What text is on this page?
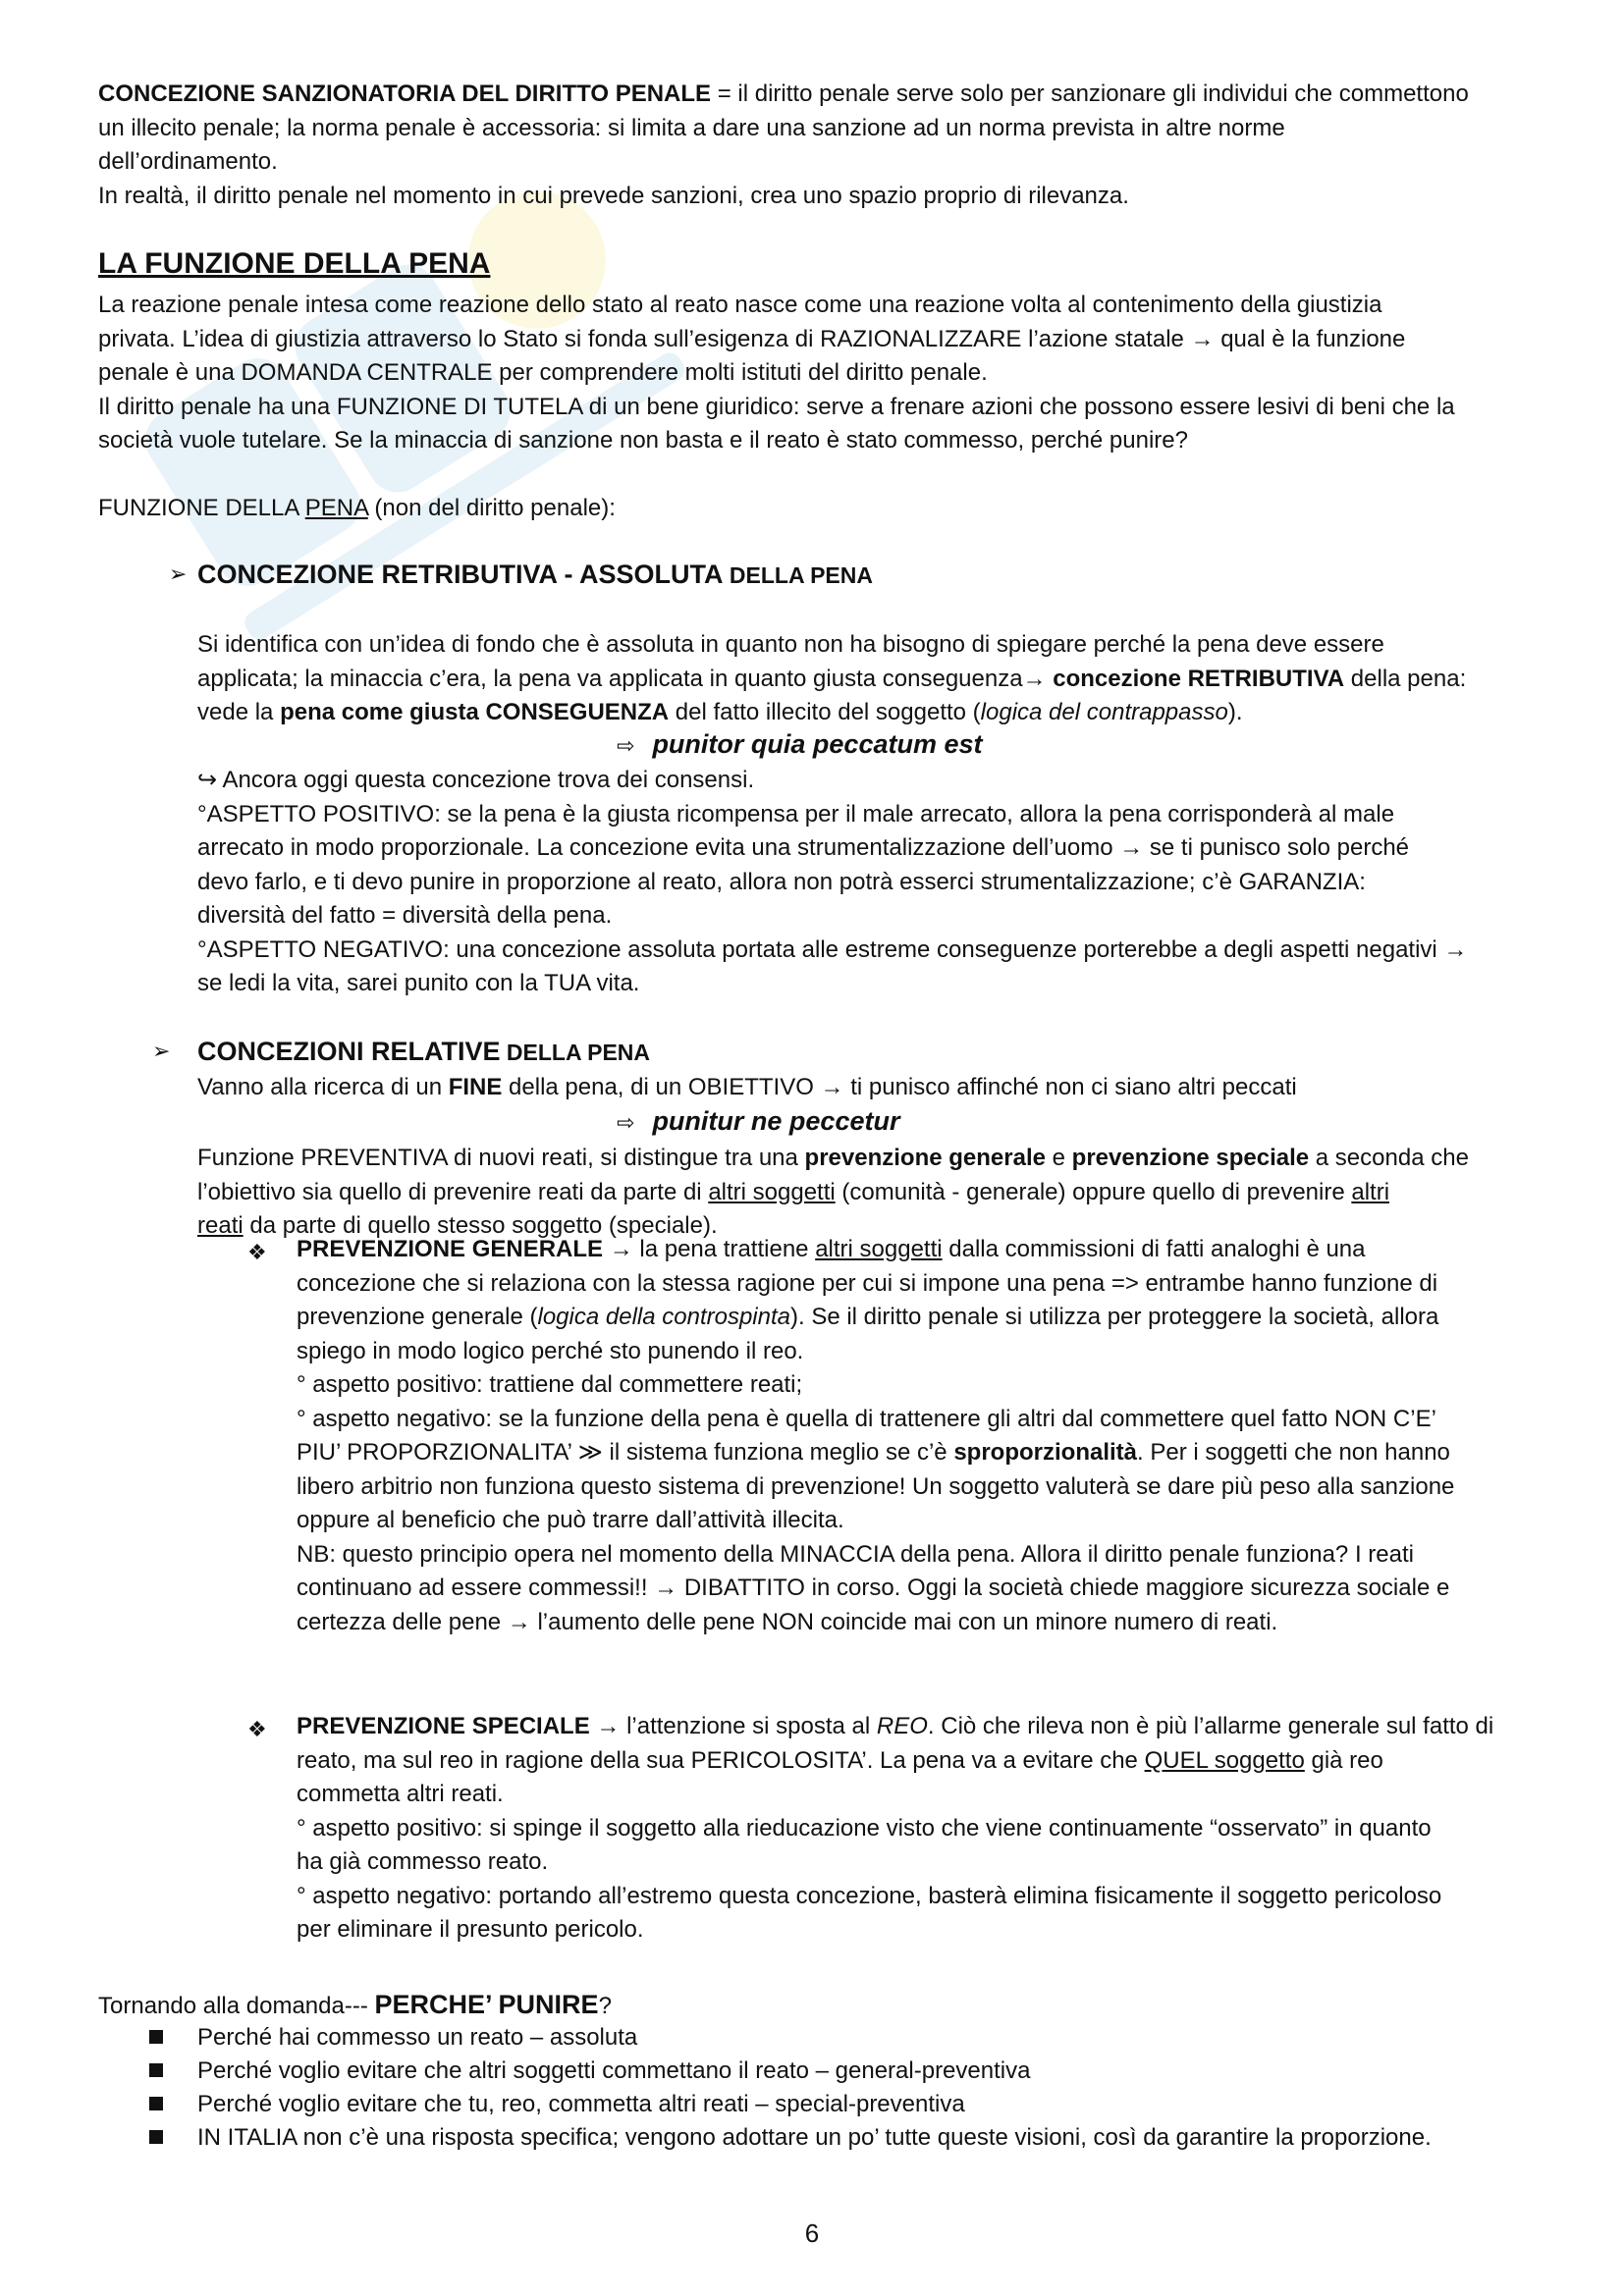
CONCEZIONE SANZIONATORIA DEL DIRITTO PENALE = il diritto penale serve solo per sanzionare gli individui che commettono
un illecito penale; la norma penale è accessoria: si limita a dare una sanzione ad un norma prevista in altre norme
dell’ordinamento.
In realtà, il diritto penale nel momento in cui prevede sanzioni, crea uno spazio proprio di rilevanza.
LA FUNZIONE DELLA PENA
La reazione penale intesa come reazione dello stato al reato nasce come una reazione volta al contenimento della giustizia
privata. L’idea di giustizia attraverso lo Stato si fonda sull’esigenza di RAZIONALIZZARE l’azione statale → qual è la funzione
penale è una DOMANDA CENTRALE per comprendere molti istituti del diritto penale.
Il diritto penale ha una FUNZIONE DI TUTELA di un bene giuridico: serve a frenare azioni che possono essere lesivi di beni che la
società vuole tutelare. Se la minaccia di sanzione non basta e il reato è stato commesso, perché punire?
FUNZIONE DELLA PENA (non del diritto penale):
➢ CONCEZIONE RETRIBUTIVA - ASSOLUTA DELLA PENA
Si identifica con un’idea di fondo che è assoluta in quanto non ha bisogno di spiegare perché la pena deve essere
applicata; la minaccia c’era, la pena va applicata in quanto giusta conseguenza→ concezione RETRIBUTIVA della pena:
vede la pena come giusta CONSEGUENZA del fatto illecito del soggetto (logica del contrappasso).
⇨ punitor quia peccatum est
↪ Ancora oggi questa concezione trova dei consensi.
°ASPETTO POSITIVO: se la pena è la giusta ricompensa per il male arrecato, allora la pena corrisponderà al male
arrecato in modo proporzionale. La concezione evita una strumentalizzazione dell’uomo → se ti punisco solo perché
devo farlo, e ti devo punire in proporzione al reato, allora non potrà esserci strumentalizzazione; c’è GARANZIA:
diversità del fatto = diversità della pena.
°ASPETTO NEGATIVO: una concezione assoluta portata alle estreme conseguenze porterebbe a degli aspetti negativi →
se ledi la vita, sarei punito con la TUA vita.
➢ CONCEZIONI RELATIVE DELLA PENA
Vanno alla ricerca di un FINE della pena, di un OBIETTIVO → ti punisco affinché non ci siano altri peccati
⇨ punitur ne peccetur
Funzione PREVENTIVA di nuovi reati, si distingue tra una prevenzione generale e prevenzione speciale a seconda che
l’obiettivo sia quello di prevenire reati da parte di altri soggetti (comunità - generale) oppure quello di prevenire altri
reati da parte di quello stesso soggetto (speciale).
❖ PREVENZIONE GENERALE → la pena trattiene altri soggetti dalla commissioni di fatti analoghi è una
concezione che si relaziona con la stessa ragione per cui si impone una pena => entrambe hanno funzione di
prevenzione generale (logica della controspinta). Se il diritto penale si utilizza per proteggere la società, allora
spiego in modo logico perché sto punendo il reo.
° aspetto positivo: trattiene dal commettere reati;
° aspetto negativo: se la funzione della pena è quella di trattenere gli altri dal commettere quel fatto NON C’E’
PIU’ PROPORZIONALITA’ ≫ il sistema funziona meglio se c’è sproporzionalità. Per i soggetti che non hanno
libero arbitrio non funziona questo sistema di prevenzione! Un soggetto valuterà se dare più peso alla sanzione
oppure al beneficio che può trarre dall’attività illecita.
NB: questo principio opera nel momento della MINACCIA della pena. Allora il diritto penale funziona? I reati
continuano ad essere commessi!! → DIBATTITO in corso. Oggi la società chiede maggiore sicurezza sociale e
certezza delle pene → l’aumento delle pene NON coincide mai con un minore numero di reati.
❖ PREVENZIONE SPECIALE → l’attenzione si sposta al REO. Ciò che rileva non è più l’allarme generale sul fatto di
reato, ma sul reo in ragione della sua PERICOLOSITA’. La pena va a evitare che QUEL soggetto già reo
commetta altri reati.
° aspetto positivo: si spinge il soggetto alla rieducazione visto che viene continuamente “osservato” in quanto
ha già commesso reato.
° aspetto negativo: portando all’estremo questa concezione, basterà elimina fisicamente il soggetto pericoloso
per eliminare il presunto pericolo.
Tornando alla domanda--- PERCHE’ PUNIRE?
Perché hai commesso un reato – assoluta
Perché voglio evitare che altri soggetti commettano il reato – general-preventiva
Perché voglio evitare che tu, reo, commetta altri reati – special-preventiva
IN ITALIA non c’è una risposta specifica; vengono adottare un po’ tutte queste visioni, così da garantire la proporzione.
6
